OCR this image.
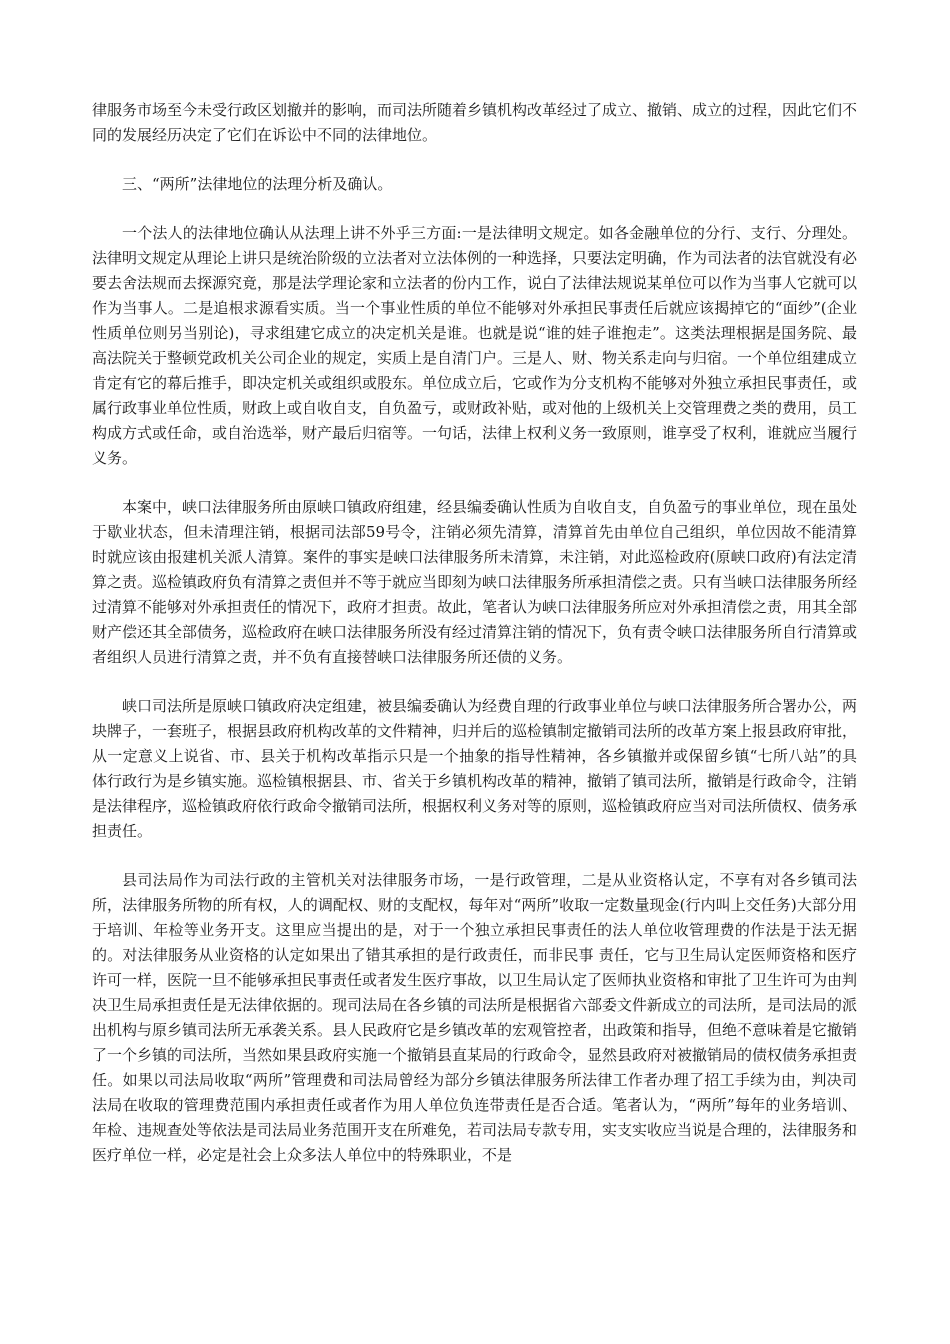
律服务市场至今未受行政区划撤并的影响，而司法所随着乡镇机构改革经过了成立、撤销、成立的过程，因此它们不同的发展经历决定了它们在诉讼中不同的法律地位。

三、“两所”法律地位的法理分析及确认。

一个法人的法律地位确认从法理上讲不外乎三方面:一是法律明文规定。如各金融单位的分行、支行、分理处。法律明文规定从理论上讲只是统治阶级的立法者对立法体例的一种选择，只要法定明确，作为司法者的法官就没有必要去舍法规而去探源究竟，那是法学理论家和立法者的份内工作，说白了法律法规说某单位可以作为当事人它就可以作为当事人。二是追根求源看实质。当一个事业性质的单位不能够对外承担民事责任后就应该揭掉它的“面纱”(企业性质单位则另当别论)，寻求组建它成立的决定机关是谁。也就是说“谁的娃子谁抱走”。这类法理根据是国务院、最高法院关于整顿党政机关公司企业的规定，实质上是自清门户。三是人、财、物关系走向与归宿。一个单位组建成立肯定有它的幕后推手，即决定机关或组织或股东。单位成立后，它或作为分支机构不能够对外独立承担民事责任，或属行政事业单位性质，财政上或自收自支，自负盈亏，或财政补贴，或对他的上级机关上交管理费之类的费用，员工构成方式或任命，或自治选举，财产最后归宿等。一句话，法律上权利义务一致原则，谁享受了权利，谁就应当履行义务。

本案中，峡口法律服务所由原峡口镇政府组建，经县编委确认性质为自收自支，自负盈亏的事业单位，现在虽处于歇业状态，但未清理注销，根据司法部59号令，注销必须先清算，清算首先由单位自己组织，单位因故不能清算时就应该由报建机关派人清算。案件的事实是峡口法律服务所未清算，未注销，对此巡检政府(原峡口政府)有法定清算之责。巡检镇政府负有清算之责但并不等于就应当即刻为峡口法律服务所承担清偿之责。只有当峡口法律服务所经过清算不能够对外承担责任的情况下，政府才担责。故此，笔者认为峡口法律服务所应对外承担清偿之责，用其全部财产偿还其全部债务，巡检政府在峡口法律服务所没有经过清算注销的情况下，负有责令峡口法律服务所自行清算或者组织人员进行清算之责，并不负有直接替峡口法律服务所还债的义务。

峡口司法所是原峡口镇政府决定组建，被县编委确认为经费自理的行政事业单位与峡口法律服务所合署办公，两块牌子，一套班子，根据县政府机构改革的文件精神，归并后的巡检镇制定撤销司法所的改革方案上报县政府审批，从一定意义上说省、市、县关于机构改革指示只是一个抽象的指导性精神，各乡镇撤并或保留乡镇“七所八站”的具体行政行为是乡镇实施。巡检镇根据县、市、省关于乡镇机构改革的精神，撤销了镇司法所，撤销是行政命令，注销是法律程序，巡检镇政府依行政命令撤销司法所，根据权利义务对等的原则，巡检镇政府应当对司法所债权、债务承担责任。

县司法局作为司法行政的主管机关对法律服务市场，一是行政管理，二是从业资格认定，不享有对各乡镇司法所，法律服务所物的所有权，人的调配权、财的支配权，每年对“两所”收取一定数量现金(行内叫上交任务)大部分用于培训、年检等业务开支。这里应当提出的是，对于一个独立承担民事责任的法人单位收管理费的作法是于法无据的。对法律服务从业资格的认定如果出了错其承担的是行政责任，而非民事 责任，它与卫生局认定医师资格和医疗许可一样，医院一旦不能够承担民事责任或者发生医疗事故，以卫生局认定了医师执业资格和审批了卫生许可为由判决卫生局承担责任是无法律依据的。现司法局在各乡镇的司法所是根据省六部委文件新成立的司法所，是司法局的派出机构与原乡镇司法所无承袭关系。县人民政府它是乡镇改革的宏观管控者，出政策和指导，但绝不意味着是它撤销了一个乡镇的司法所，当然如果县政府实施一个撤销县直某局的行政命令，显然县政府对被撤销局的债权债务承担责任。如果以司法局收取“两所”管理费和司法局曾经为部分乡镇法律服务所法律工作者办理了招工手续为由，判决司法局在收取的管理费范围内承担责任或者作为用人单位负连带责任是否合适。笔者认为，“两所”每年的业务培训、年检、违规查处等依法是司法局业务范围开支在所难免，若司法局专款专用，实支实收应当说是合理的，法律服务和医疗单位一样，必定是社会上众多法人单位中的特殊职业，不是
